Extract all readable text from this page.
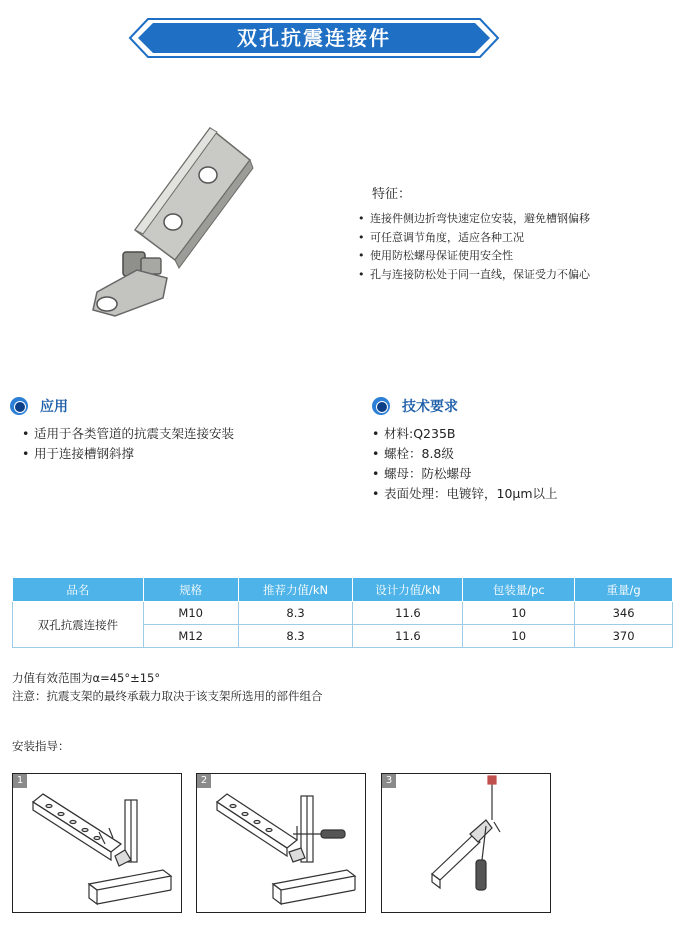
双孔抗震连接件
特征：
• 连接件侧边折弯快速定位安装，避免槽钢偏移
• 可任意调节角度，适应各种工况
• 使用防松螺母保证使用安全性
• 孔与连接防松处于同一直线，保证受力不偏心
应用
• 适用于各类管道的抗震支架连接安装
• 用于连接槽钢斜撑
技术要求
• 材料:Q235B
• 螺栓：8.8级
• 螺母：防松螺母
• 表面处理：电镀锌，10µm以上
品名	规格	推荐力值/kN	设计力值/kN	包装量/pc	重量/g
双孔抗震连接件	M10	8.3	11.6	10	346
	M12	8.3	11.6	10	370
力值有效范围为α=45°±15°
注意：抗震支架的最终承载力取决于该支架所选用的部件组合
安装指导：
1	2	3
